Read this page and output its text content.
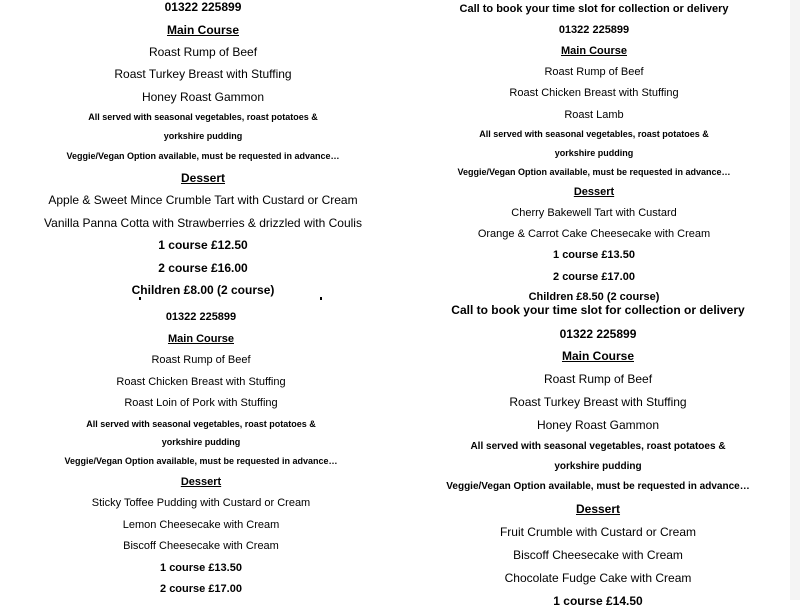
01322 225899
Main Course
Roast Rump of Beef
Roast Turkey Breast with Stuffing
Honey Roast Gammon
All served with seasonal vegetables, roast potatoes &
yorkshire pudding
Veggie/Vegan Option available, must be requested in advance…
Dessert
Apple & Sweet Mince Crumble Tart with Custard or Cream
Vanilla Panna Cotta with Strawberries & drizzled with Coulis
1 course £12.50
2 course £16.00
Children £8.00 (2 course)
Call to book your time slot for collection or delivery
01322 225899
Main Course
Roast Rump of Beef
Roast Chicken Breast with Stuffing
Roast Lamb
All served with seasonal vegetables, roast potatoes &
yorkshire pudding
Veggie/Vegan Option available, must be requested in advance…
Dessert
Cherry Bakewell Tart with Custard
Orange & Carrot Cake Cheesecake with Cream
1 course £13.50
2 course £17.00
Children £8.50 (2 course)
01322 225899
Main Course
Roast Rump of Beef
Roast Chicken Breast with Stuffing
Roast Loin of Pork with Stuffing
All served with seasonal vegetables, roast potatoes &
yorkshire pudding
Veggie/Vegan Option available, must be requested in advance…
Dessert
Sticky Toffee Pudding with Custard or Cream
Lemon Cheesecake with Cream
Biscoff Cheesecake with Cream
1 course £13.50
2 course £17.00
Call to book your time slot for collection or delivery
01322 225899
Main Course
Roast Rump of Beef
Roast Turkey Breast with Stuffing
Honey Roast Gammon
All served with seasonal vegetables, roast potatoes &
yorkshire pudding
Veggie/Vegan Option available, must be requested in advance…
Dessert
Fruit Crumble with Custard or Cream
Biscoff Cheesecake with Cream
Chocolate Fudge Cake with Cream
1 course £14.50
